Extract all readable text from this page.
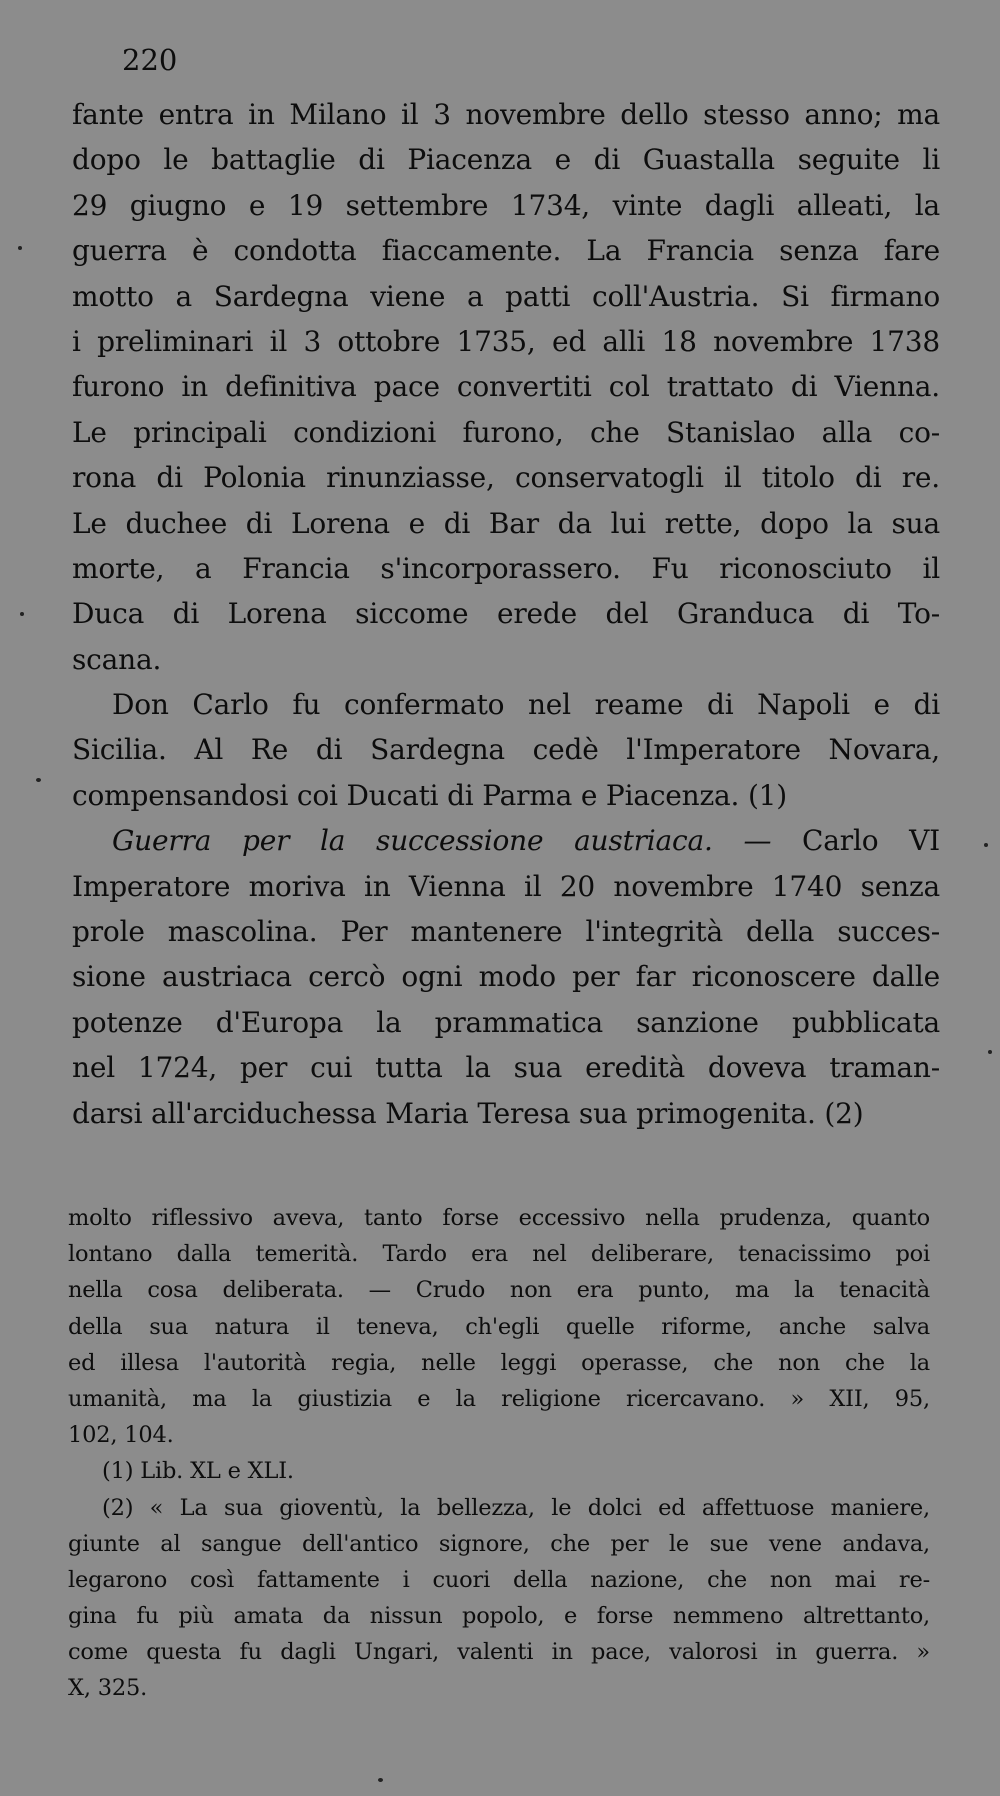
220
fante entra in Milano il 3 novembre dello stesso anno; ma
dopo le battaglie di Piacenza e di Guastalla seguite li
29 giugno e 19 settembre 1734, vinte dagli alleati, la
guerra è condotta fiaccamente. La Francia senza fare
motto a Sardegna viene a patti coll'Austria. Si firmano
i preliminari il 3 ottobre 1735, ed alli 18 novembre 1738
furono in definitiva pace convertiti col trattato di Vienna.
Le principali condizioni furono, che Stanislao alla co-
rona di Polonia rinunziasse, conservatogli il titolo di re.
Le duchee di Lorena e di Bar da lui rette, dopo la sua
morte, a Francia s'incorporassero. Fu riconosciuto il
Duca di Lorena siccome erede del Granduca di To-
scana.
Don Carlo fu confermato nel reame di Napoli e di
Sicilia. Al Re di Sardegna cedè l'Imperatore Novara,
compensandosi coi Ducati di Parma e Piacenza. (1)
Guerra per la successione austriaca. — Carlo VI
Imperatore moriva in Vienna il 20 novembre 1740 senza
prole mascolina. Per mantenere l'integrità della succes-
sione austriaca cercò ogni modo per far riconoscere dalle
potenze d'Europa la prammatica sanzione pubblicata
nel 1724, per cui tutta la sua eredità doveva traman-
darsi all'arciduchessa Maria Teresa sua primogenita. (2)
molto riflessivo aveva, tanto forse eccessivo nella prudenza, quanto
lontano dalla temerità. Tardo era nel deliberare, tenacissimo poi
nella cosa deliberata. — Crudo non era punto, ma la tenacità
della sua natura il teneva, ch'egli quelle riforme, anche salva
ed illesa l'autorità regia, nelle leggi operasse, che non che la
umanità, ma la giustizia e la religione ricercavano. » XII, 95,
102, 104.
(1) Lib. XL e XLI.
(2) « La sua gioventù, la bellezza, le dolci ed affettuose maniere,
giunte al sangue dell'antico signore, che per le sue vene andava,
legarono così fattamente i cuori della nazione, che non mai re-
gina fu più amata da nissun popolo, e forse nemmeno altrettanto,
come questa fu dagli Ungari, valenti in pace, valorosi in guerra. »
X, 325.
